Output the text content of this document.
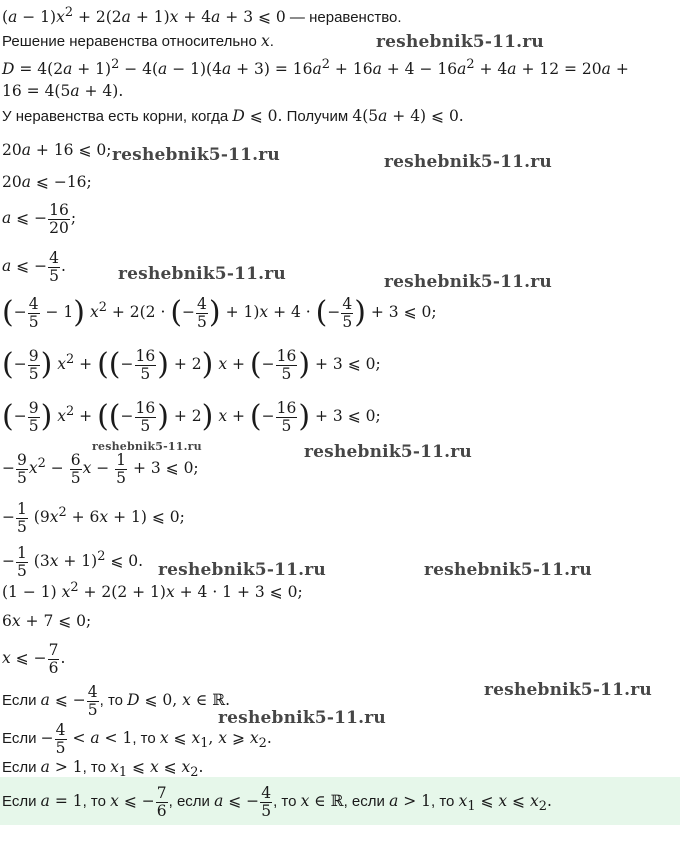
reshebnik5-11.ru
reshebnik5-11.ru	reshebnik5-11.ru
reshebnik5-11.ru	reshebnik5-11.ru
reshebnik5-11.ru	reshebnik5-11.ru
reshebnik5-11.ru	reshebnik5-11.ru
reshebnik5-11.ru
reshebnik5-11.ru
$(a - 1)x^2 + 2(2a + 1)x + 4a + 3$ ⩽ 0 — неравенство.
Решение неравенства относительно x.
$D = 4(2a + 1)^2 - 4(a - 1)(4a + 3) = 16a^2 + 16a + 4 - 16a^2 + 4a + 12 = 20a$ +
16 = 4(5a + 4).
У неравенства есть корни, когда D ⩽ 0. Получим 4(5a + 4) ⩽ 0.
20a + 16 ⩽ 0;
20a ⩽ −16;
a ⩽ − $\frac{16}{20}$ ;
a ⩽ − $\frac{4}{5}$ .
(− $\frac{4}{5} - 1$) $x^2 + 2(2$ · (− $\frac{4}{5}$ ) + 1)x + 4 · (− $\frac{4}{5}$ ) + 3 ⩽ 0;
(− $\frac{9}{5}$ ) $x^2$ + ((− $\frac{16}{5}$ ) + 2) x + (− $\frac{16}{5}$ ) + 3 ⩽ 0;
(− $\frac{9}{5}$ ) $x^2$ + ((− $\frac{16}{5}$ ) + 2) x + (− $\frac{16}{5}$ ) + 3 ⩽ 0;
− $\frac{9}{5} x^2 - \frac{6}{5}$ $x - \frac{1}{5} + 3$ ⩽ 0;
− $\frac{1}{5} (9x^2 + 6x + 1)$ ⩽ 0;
− $\frac{1}{5} (3x + 1)^2$ ⩽ 0.
(1 − 1) $x^2 + 2(2 + 1)x + 4 \cdot 1 + 3$ ⩽ 0;
6x + 7 ⩽ 0;
x ⩽ − $\frac{7}{6}$ .
Если a ⩽ − $\frac{4}{5}$ , то D ⩽ 0, x ∈ ℝ.
Если − $\frac{4}{5} < a < 1$, то x ⩽ $x_1$, x ⩾ $x_2$.
Если a > 1, то $x_1$ ⩽ x ⩽ $x_2$.
Если a = 1, то x ⩽ − $\frac{7}{6}$ , если a ⩽ − $\frac{4}{5}$ , то x ∈ ℝ, если a > 1, то $x_1$ ⩽ x ⩽ $x_2$.
